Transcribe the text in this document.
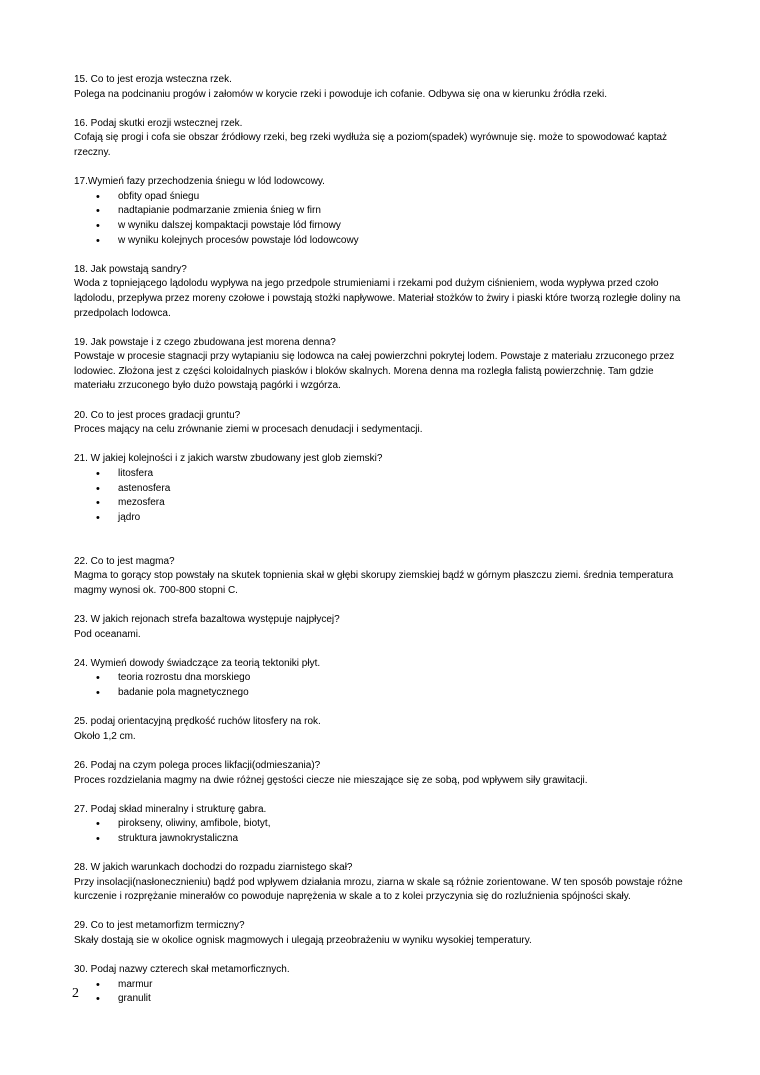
15. Co to jest erozja wsteczna rzek.

Polega na podcinaniu progów i załomów w korycie rzeki i powoduje ich cofanie. Odbywa się ona w kierunku źródła rzeki.

16. Podaj skutki erozji wstecznej rzek.

Cofają się progi i cofa sie obszar źródłowy rzeki, beg rzeki wydłuża się a poziom(spadek) wyrównuje się. może to spowodować kaptaż rzeczny.

17.Wymień fazy przechodzenia śniegu w lód lodowcowy.

• obfity opad śniegu
• nadtapianie podmarzanie zmienia śnieg w firn
• w wyniku dalszej kompaktacji powstaje lód firnowy
• w wyniku kolejnych procesów powstaje lód lodowcowy

18. Jak powstają sandry?

Woda z topniejącego lądolodu wypływa na jego przedpole strumieniami i rzekami pod dużym ciśnieniem, woda wypływa przed czoło lądolodu, przepływa przez moreny czołowe i powstają stożki napływowe. Materiał stożków to żwiry i piaski które tworzą rozległe doliny na przedpolach lodowca.

19. Jak powstaje i z czego zbudowana jest morena denna?

Powstaje w procesie stagnacji przy wytapianiu się lodowca na całej powierzchni pokrytej lodem. Powstaje z materiału zrzuconego przez lodowiec. Złożona jest z części koloidalnych piasków i bloków skalnych. Morena denna ma rozległa falistą powierzchnię. Tam gdzie materiału zrzuconego było dużo powstają pagórki i wzgórza.

20. Co to jest proces gradacji gruntu?

Proces mający na celu zrównanie ziemi w procesach denudacji i sedymentacji.

21. W jakiej kolejności i z jakich warstw zbudowany jest glob ziemski?

• litosfera
• astenosfera
• mezosfera
• jądro

22. Co to jest magma?

Magma to gorący stop powstały na skutek topnienia skał w głębi skorupy ziemskiej bądź w górnym płaszczu ziemi. średnia temperatura magmy wynosi ok. 700-800 stopni C.

23. W jakich rejonach strefa bazaltowa występuje najpłycej?

Pod oceanami.

24. Wymień dowody świadczące za teorią tektoniki płyt.

• teoria rozrostu dna morskiego
• badanie pola magnetycznego

25. podaj orientacyjną prędkość ruchów litosfery na rok.

Około 1,2 cm.

26. Podaj na czym polega proces likfacji(odmieszania)?

Proces rozdzielania magmy na dwie różnej gęstości ciecze nie mieszające się ze sobą, pod wpływem siły grawitacji.

27. Podaj skład mineralny i strukturę gabra.

• pirokseny, oliwiny, amfibole, biotyt,
• struktura jawnokrystaliczna

28. W jakich warunkach dochodzi do rozpadu ziarnistego skał?

Przy insolacji(nasłonecznieniu) bądź pod wpływem działania mrozu, ziarna w skale są różnie zorientowane. W ten sposób powstaje różne kurczenie i rozprężanie minerałów co powoduje naprężenia w skale a to z kolei przyczynia się do rozluźnienia spójności skały.

29. Co to jest metamorfizm termiczny?

Skały dostają sie w okolice ognisk magmowych i ulegają przeobrażeniu w wyniku wysokiej temperatury.

30. Podaj nazwy czterech skał metamorficznych.

• marmur
• granulit
2
